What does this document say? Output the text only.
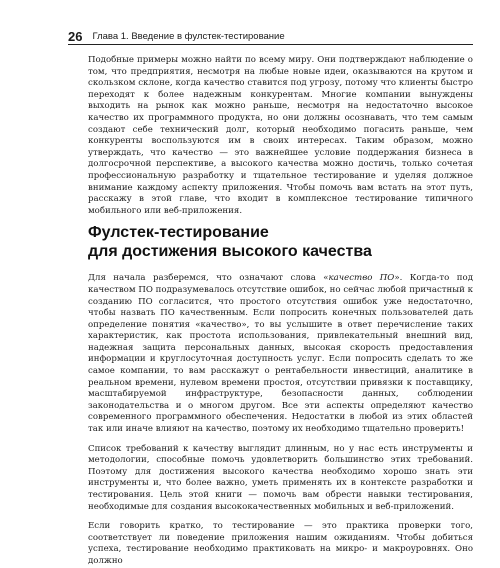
26 Глава 1. Введение в фулстек-тестирование

Подобные примеры можно найти по всему миру. Они подтверждают наблюдение о том, что предприятия, несмотря на любые новые идеи, оказываются на крутом и скользком склоне, когда качество ставится под угрозу, потому что клиенты быстро переходят к более надежным конкурентам. Многие компании вынуждены выходить на рынок как можно раньше, несмотря на недостаточно высокое качество их программного продукта, но они должны осознавать, что тем самым создают себе технический долг, который необходимо погасить раньше, чем конкуренты воспользуются им в своих интересах. Таким образом, можно утверждать, что качество — это важнейшее условие поддержания бизнеса в долгосрочной перспективе, а высокого качества можно достичь, только сочетая профессиональную разработку и тщательное тестирование и уделяя должное внимание каждому аспекту приложения. Чтобы помочь вам встать на этот путь, расскажу в этой главе, что входит в комплексное тестирование типичного мобильного или веб-приложения.

Фулстек-тестирование
для достижения высокого качества

Для начала разберемся, что означают слова «качество ПО». Когда-то под качеством ПО подразумевалось отсутствие ошибок, но сейчас любой причастный к созданию ПО согласится, что простого отсутствия ошибок уже недостаточно, чтобы назвать ПО качественным. Если попросить конечных пользователей дать определение понятия «качество», то вы услышите в ответ перечисление таких характеристик, как простота использования, привлекательный внешний вид, надежная защита персональных данных, высокая скорость предоставления информации и круглосуточная доступность услуг. Если попросить сделать то же самое компании, то вам расскажут о рентабельности инвестиций, аналитике в реальном времени, нулевом времени простоя, отсутствии привязки к поставщику, масштабируемой инфраструктуре, безопасности данных, соблюдении законодательства и о многом другом. Все эти аспекты определяют качество современного программного обеспечения. Недостатки в любой из этих областей так или иначе влияют на качество, поэтому их необходимо тщательно проверить!

Список требований к качеству выглядит длинным, но у нас есть инструменты и методологии, способные помочь удовлетворить большинство этих требований. Поэтому для достижения высокого качества необходимо хорошо знать эти инструменты и, что более важно, уметь применять их в контексте разработки и тестирования. Цель этой книги — помочь вам обрести навыки тестирования, необходимые для создания высококачественных мобильных и веб-приложений.

Если говорить кратко, то тестирование — это практика проверки того, соответствует ли поведение приложения нашим ожиданиям. Чтобы добиться успеха, тестирование необходимо практиковать на микро- и макроуровнях. Оно должно
